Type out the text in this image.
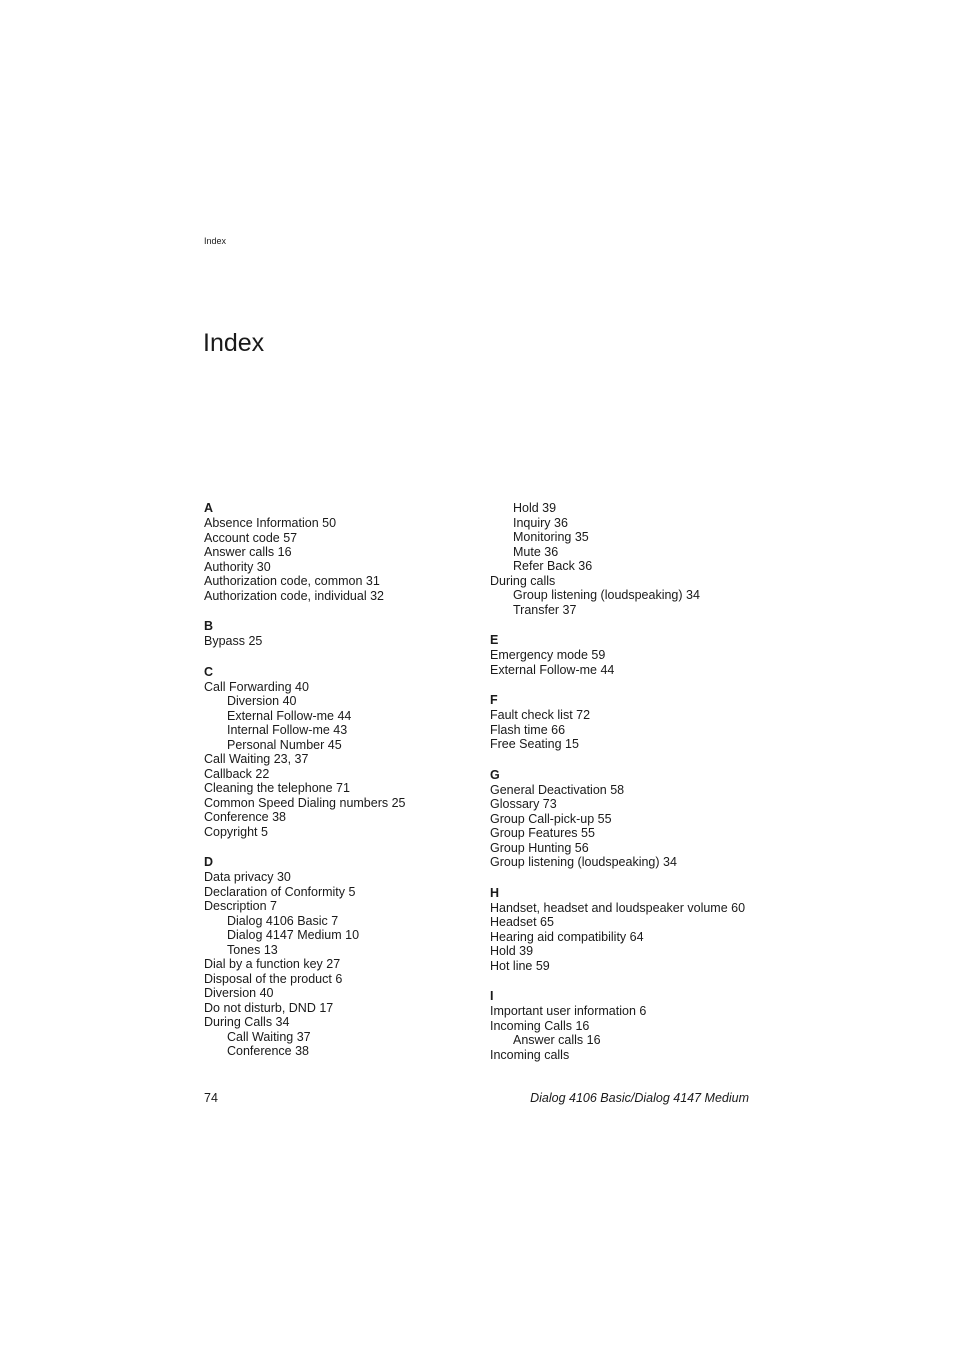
Index
Index
A
Absence Information 50
Account code 57
Answer calls 16
Authority 30
Authorization code, common 31
Authorization code, individual 32
B
Bypass 25
C
Call Forwarding 40
Diversion 40
External Follow-me 44
Internal Follow-me 43
Personal Number 45
Call Waiting 23, 37
Callback 22
Cleaning the telephone 71
Common Speed Dialing numbers 25
Conference 38
Copyright 5
D
Data privacy 30
Declaration of Conformity 5
Description 7
Dialog 4106 Basic 7
Dialog 4147 Medium 10
Tones 13
Dial by a function key 27
Disposal of the product 6
Diversion 40
Do not disturb, DND 17
During Calls 34
Call Waiting 37
Conference 38
Hold 39
Inquiry 36
Monitoring 35
Mute 36
Refer Back 36
During calls
Group listening (loudspeaking) 34
Transfer 37
E
Emergency mode 59
External Follow-me 44
F
Fault check list 72
Flash time 66
Free Seating 15
G
General Deactivation 58
Glossary 73
Group Call-pick-up 55
Group Features 55
Group Hunting 56
Group listening (loudspeaking) 34
H
Handset, headset and loudspeaker volume 60
Headset 65
Hearing aid compatibility 64
Hold 39
Hot line 59
I
Important user information 6
Incoming Calls 16
Answer calls 16
Incoming calls
74	Dialog 4106 Basic/Dialog 4147 Medium
